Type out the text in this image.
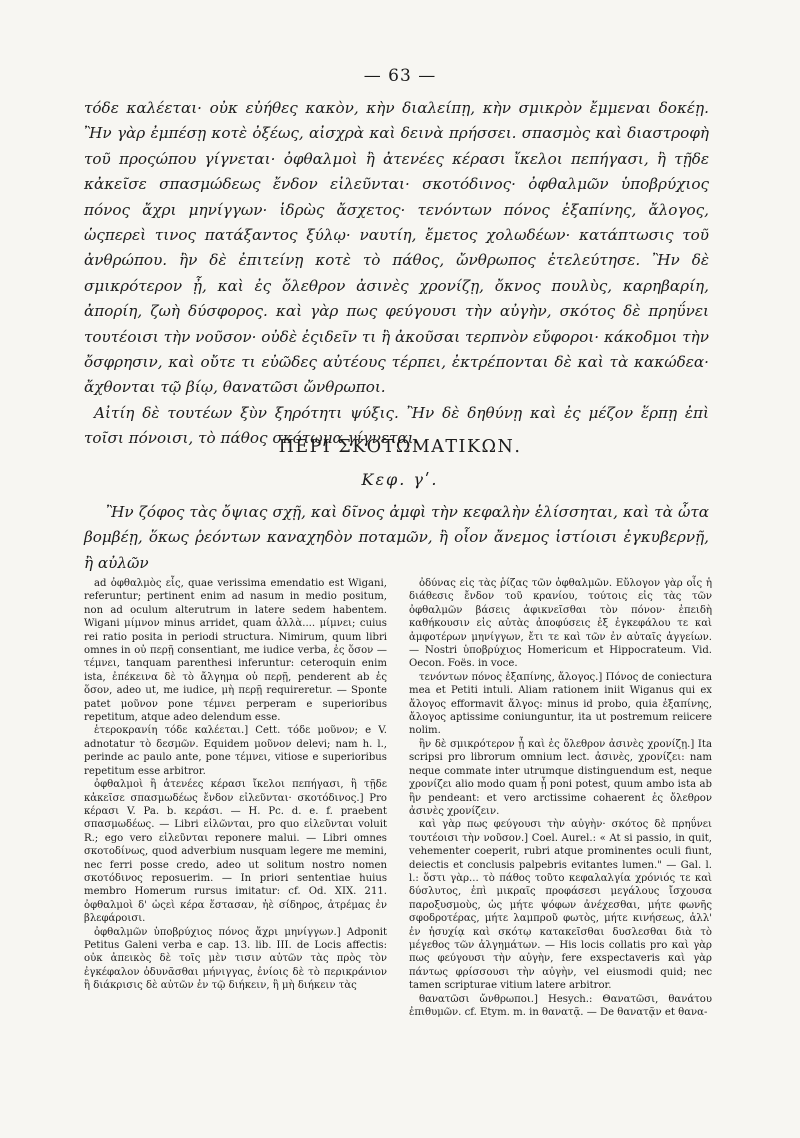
— 63 —

τόδε καλέεται· οὐκ εὐήθες κακὸν, κὴν διαλείπῃ, κὴν σμικρὸν ἔμμεναι δοκέῃ. Ἢν γὰρ ἐμπέσῃ κοτὲ ὀξέως, αἰσχρὰ καὶ δεινὰ πρήσσει. σπασμὸς καὶ διαστροφὴ τοῦ προςώπου γίγνεται· ὀφθαλμοὶ ἢ ἀτενέες κέρασι ἴκελοι πεπήγασι, ἢ τῇδε κἀκεῖσε σπασμώδεως ἔνδον εἰλεῦνται· σκοτόδινος· ὀφθαλμῶν ὑποβρύχιος πόνος ἄχρι μηνίγγων· ἱδρὼς ἄσχετος· τενόντων πόνος ἐξαπίνης, ἄλογος, ὡςπερεὶ τινος πατάξαντος ξύλῳ· ναυτίη, ἔμετος χολωδέων· κατάπτωσις τοῦ ἀνθρώπου. ἢν δὲ ἐπιτείνῃ κοτὲ τὸ πάθος, ὤνθρωπος ἐτελεύτησε. Ἢν δὲ σμικρότερον ᾖ, καὶ ἐς ὄλεθρον ἀσινὲς χρονίζῃ, ὄκνος πουλὺς, καρηβαρίη, ἀπορίη, ζωὴ δύσφορος. καὶ γὰρ πως φεύγουσι τὴν αὐγὴν, σκότος δὲ πρηΰνει τουτέοισι τὴν νοῦσον· οὐδὲ ἐςιδεῖν τι ἢ ἀκοῦσαι τερπνὸν εὔφοροι· κάκοδμοι τὴν ὄσφρησιν, καὶ οὔτε τι εὐῶδες αὐτέους τέρπει, ἐκτρέπονται δὲ καὶ τὰ κακώδεα· ἄχθονται τῷ βίῳ, θανατῶσι ὤνθρωποι.

Αἰτίη δὲ τουτέων ξὺν ξηρότητι ψύξις. Ἢν δὲ δηθύνῃ καὶ ἐς μέζον ἕρπῃ ἐπὶ τοῖσι πόνοισι, τὸ πάθος σκότωμα γίγνεται.

ΠΕΡΙ ΣΚΟΤΩΜΑΤΙΚΩΝ.
Κεφ. γʹ.

Ἢν ζόφος τὰς ὄψιας σχῇ, καὶ δῖνος ἀμφὶ τὴν κεφαλὴν ἑλίσσηται, καὶ τὰ ὦτα βομβέῃ, ὅκως ῥεόντων καναχηδὸν ποταμῶν, ἢ οἷον ἄνεμος ἱστίοισι ἐγκυβερνῇ, ἢ αὐλῶν

ad ὀφθαλμὸς εἷς, quae verissima emendatio est Wigani, referuntur; pertinent enim ad nasum in medio positum, non ad oculum alterutrum in latere sedem habentem. Wigani μίμνον minus arridet, quam ἀλλὰ.... μίμνει; cuius rei ratio posita in periodi structura. Nimirum, quum libri omnes in οὐ περῇ consentiant, me iudice verba, ἐς ὅσον — τέμνει, tanquam parenthesi inferuntur: ceteroquin enim ista, ἐπέκεινα δὲ τὸ ἄλγημα οὐ περῇ, penderent ab ἐς ὅσον, adeo ut, me iudice, μὴ περῇ requireretur. — Sponte patet μοῦνον pone τέμνει perperam e superioribus repetitum, atque adeo delendum esse.

ἑτεροκρανίη τόδε καλέεται.] Cett. τόδε μοῦνον; e V. adnotatur τὸ δεσμῶν. Equidem μοῦνον delevi; nam h. l., perinde ac paulo ante, pone τέμνει, vitiose e superioribus repetitum esse arbitror.

ὀφθαλμοὶ ἢ ἀτενέες κέρασι ἴκελοι πεπήγασι, ἢ τῇδε κἀκεῖσε σπασμωδέως ἔνδον εἰλεῦνται· σκοτόδινος.] Pro κέρασι V. Pa. b. κεράσι. — H. Pc. d. e. f. praebent σπασμωδέως. — Libri εἰλῶνται, pro quo εἰλεῦνται voluit R.; ego vero εἰλεῦνται reponere malui. — Libri omnes σκοτοδίνως, quod adverbium nusquam legere me memini, nec ferri posse credo, adeo ut solitum nostro nomen σκοτόδινος reposuerim. — In priori sententiae huius membro Homerum rursus imitatur: cf. Od. XIX. 211. ὀφθαλμοὶ δ' ὡςεὶ κέρα ἕστασαν, ἠὲ σίδηρος, ἀτρέμας ἐν βλεφάροισι.

ὀφθαλμῶν ὑποβρύχιος πόνος ἄχρι μηνίγγων.] Adponit Petitus Galeni verba e cap. 13. lib. III. de Locis affectis: οὐκ ἀπεικὸς δὲ τοῖς μὲν τισιν αὐτῶν τὰς πρὸς τὸν ἐγκέφαλον ὀδυνᾶσθαι μήνιγγας, ἐνίοις δὲ τὸ περικράνιον ἢ διάκρισις δὲ αὐτῶν ἐν τῷ διήκειν, ἢ μὴ διήκειν τὰς

ὀδύνας εἰς τὰς ῥίζας τῶν ὀφθαλμῶν. Εὔλογον γὰρ οἷς ἡ διάθεσις ἔνδον τοῦ κρανίου, τούτοις εἰς τὰς τῶν ὀφθαλμῶν βάσεις ἀφικνεῖσθαι τὸν πόνον· ἐπειδὴ καθήκουσιν εἰς αὐτὰς ἀποφύσεις ἐξ ἐγκεφάλου τε καὶ ἀμφοτέρων μηνίγγων, ἔτι τε καὶ τῶν ἐν αὐταῖς ἀγγείων. — Nostri ὑποβρύχιος Homericum et Hippocrateum. Vid. Oecon. Foës. in voce.

τενόντων πόνος ἐξαπίνης, ἄλογος.] Πόνος de coniectura mea et Petiti intuli. Aliam rationem iniit Wiganus qui ex ἄλογος efformavit ἄλγος: minus id probo, quia ἐξαπίνης, ἄλογος aptissime coniunguntur, ita ut postremum reiicere nolim.

ἢν δὲ σμικρότερον ᾖ καὶ ἐς ὄλεθρον ἀσινὲς χρονίζῃ.] Ita scripsi pro librorum omnium lect. ἀσινὲς, χρονίζει: nam neque commate inter utrumque distinguendum est, neque χρονίζει alio modo quam ᾖ poni potest, quum ambo ista ab ἢν pendeant: et vero arctissime cohaerent ἐς ὄλεθρον ἀσινὲς χρονίζειν.

καὶ γὰρ πως φεύγουσι τὴν αὐγὴν· σκότος δὲ πρηΰνει τουτέοισι τὴν νοῦσον.] Coel. Aurel.: « At si passio, in quit, vehementer coeperit, rubri atque prominentes oculi fiunt, deiectis et conclusis palpebris evitantes lumen." — Gal. l. l.: ὅστι γὰρ... τὸ πάθος τοῦτο κεφαλαλγία χρόνιός τε καὶ δύσλυτος, ἐπὶ μικραῖς προφάσεσι μεγάλους ἴσχουσα παροξυσμοὺς, ὡς μήτε ψόφων ἀνέχεσθαι, μήτε φωνῆς σφοδροτέρας, μήτε λαμπροῦ φωτὸς, μήτε κινήσεως, ἀλλ' ἐν ἡσυχίᾳ καὶ σκότῳ κατακεῖσθαι δυσλεσθαι διὰ τὸ μέγεθος τῶν ἀλγημάτων. — His locis collatis pro καὶ γὰρ πως φεύγουσι τὴν αὐγὴν, fere exspectaveris καὶ γὰρ πάντως φρίσσουσι τὴν αὐγὴν, vel eiusmodi quid; nec tamen scripturae vitium latere arbitror.

θανατῶσι ὤνθρωποι.] Hesych.: Θανατῶσι, θανάτου ἐπιθυμῶν. cf. Etym. m. in θανατᾷ. — De θανατᾷν et θανα-
